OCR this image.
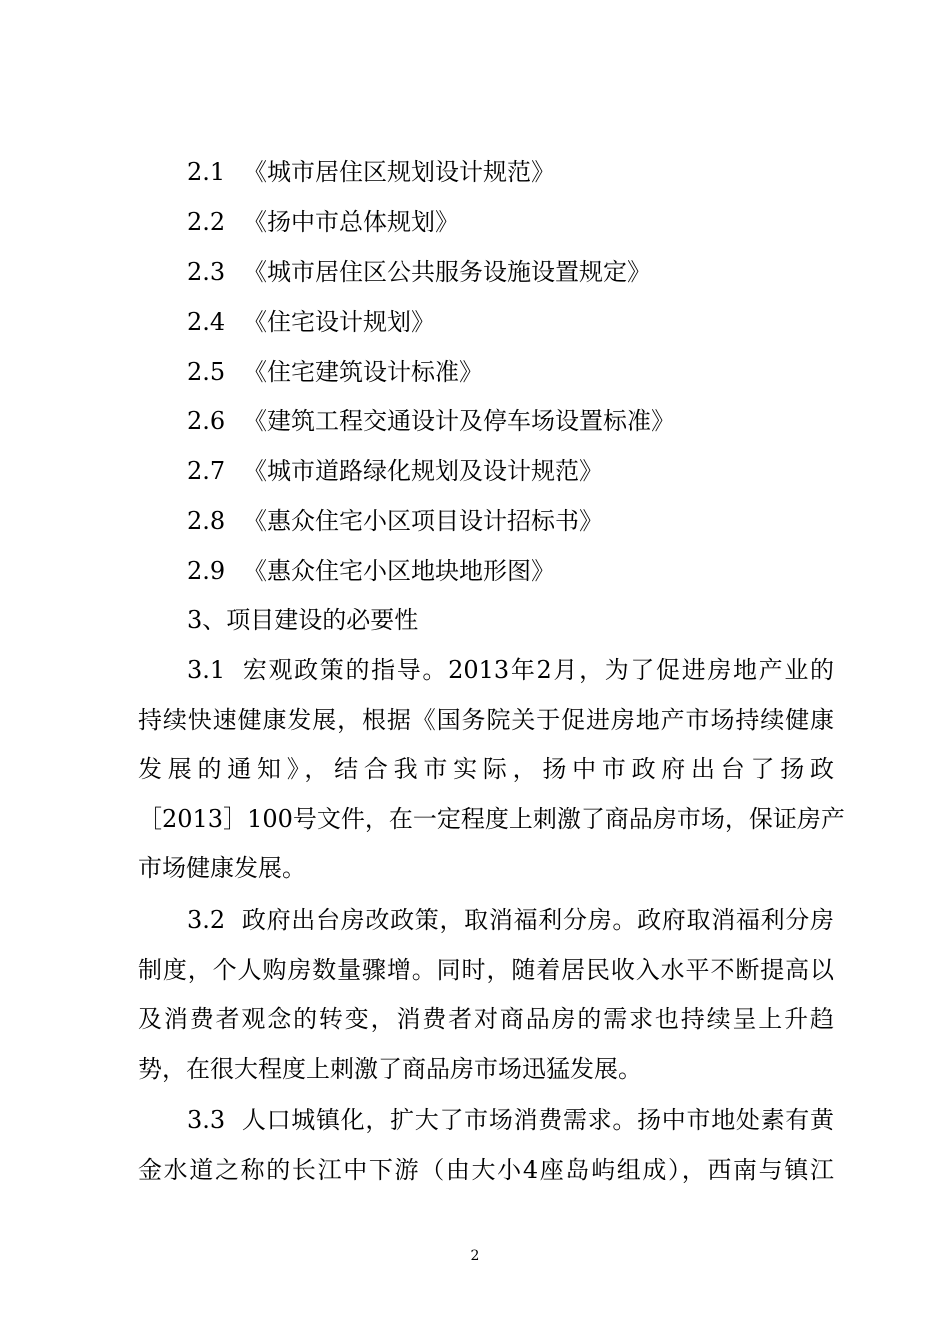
2.1 《城市居住区规划设计规范》
2.2 《扬中市总体规划》
2.3 《城市居住区公共服务设施设置规定》
2.4 《住宅设计规划》
2.5 《住宅建筑设计标准》
2.6 《建筑工程交通设计及停车场设置标准》
2.7 《城市道路绿化规划及设计规范》
2.8 《惠众住宅小区项目设计招标书》
2.9 《惠众住宅小区地块地形图》
3、项目建设的必要性
3.1 宏观政策的指导。2013年2月，为了促进房地产业的
持续快速健康发展，根据《国务院关于促进房地产市场持续健康
发展的通知》，结合我市实际，扬中市政府出台了扬政
［2013］100号文件，在一定程度上刺激了商品房市场，保证房产
市场健康发展。
3.2 政府出台房改政策，取消福利分房。政府取消福利分房
制度，个人购房数量骤增。同时，随着居民收入水平不断提高以
及消费者观念的转变，消费者对商品房的需求也持续呈上升趋
势，在很大程度上刺激了商品房市场迅猛发展。
3.3 人口城镇化，扩大了市场消费需求。扬中市地处素有黄
金水道之称的长江中下游（由大小4座岛屿组成），西南与镇江
2
